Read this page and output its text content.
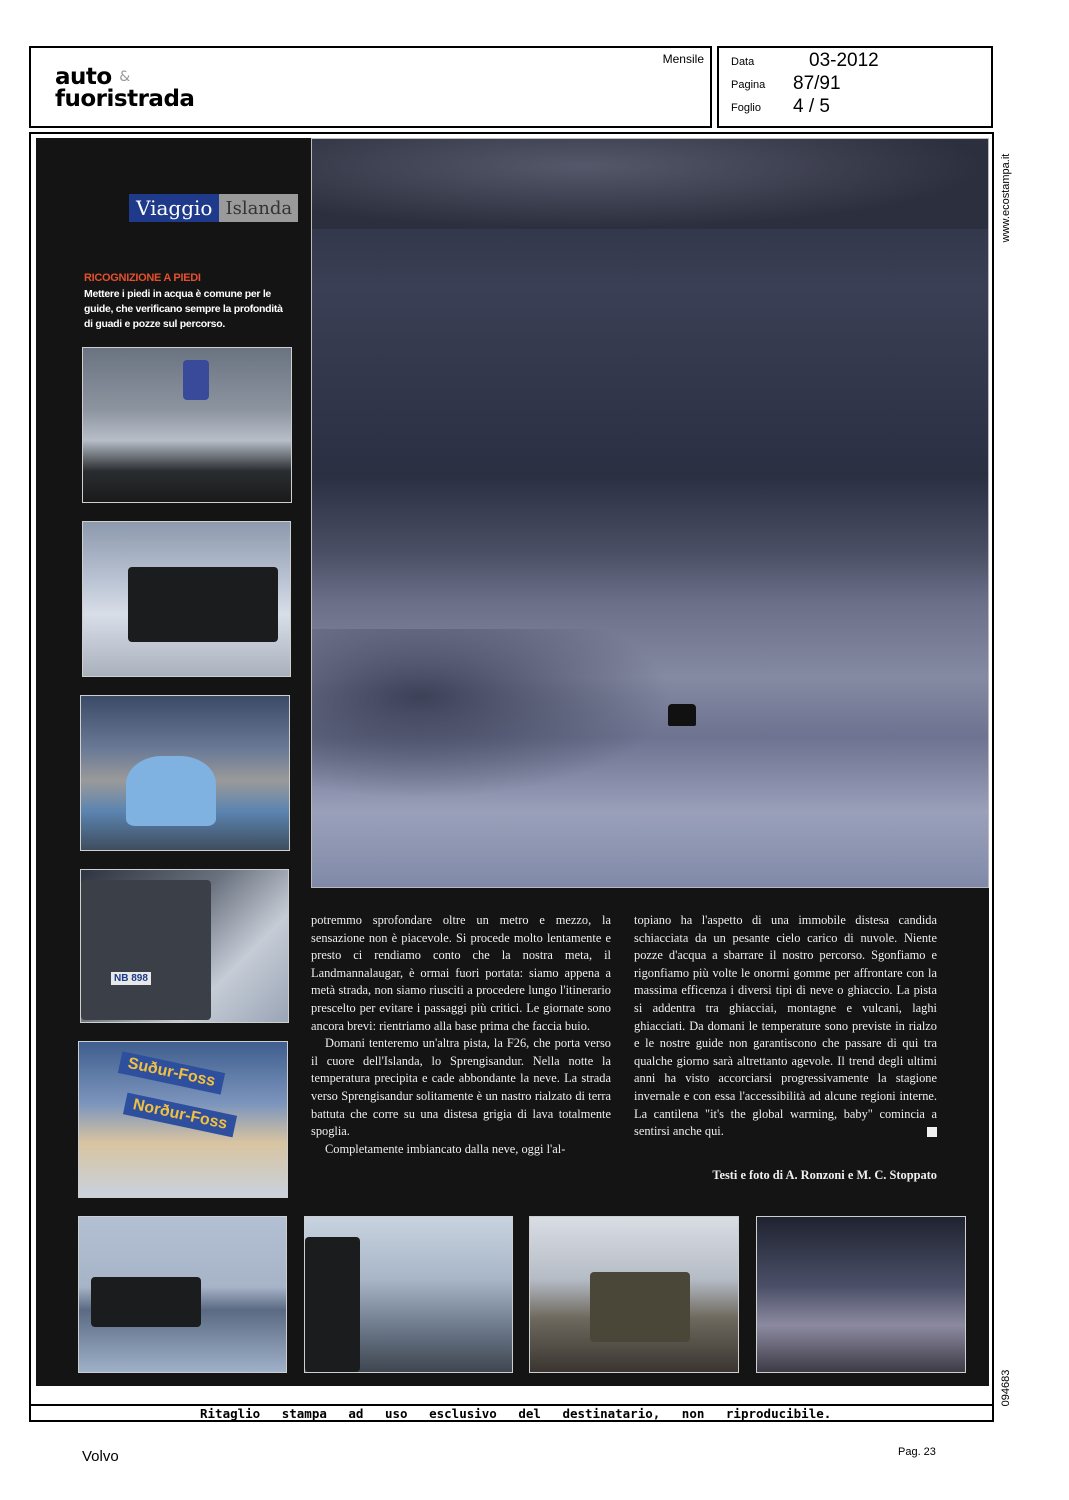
auto &
fuoristrada
Mensile Data	03-2012
Pagina 87/91
Foglio 4 / 5
www.ecostampa.it
094683
Viaggio Islanda
RICOGNIZIONE A PIEDI
Mettere i piedi in acqua è comune per le guide, che verificano sempre la profondità di guadi e pozze sul percorso.
NB 898
Suður-Foss
Norður-Foss

potremmo sprofondare oltre un metro e mezzo, la sensazione non è piacevole. Si procede molto lentamente e presto ci rendiamo conto che la nostra meta, il Landmannalaugar, è ormai fuori portata: siamo appena a metà strada, non siamo riusciti a procedere lungo l'itinerario prescelto per evitare i passaggi più critici. Le giornate sono ancora brevi: rientriamo alla base prima che faccia buio.

Domani tenteremo un'altra pista, la F26, che porta verso il cuore dell'Islanda, lo Sprengisandur. Nella notte la temperatura precipita e cade abbondante la neve. La strada verso Sprengisandur solitamente è un nastro rialzato di terra battuta che corre su una distesa grigia di lava totalmente spoglia.

Completamente imbiancato dalla neve, oggi l'al-

topiano ha l'aspetto di una immobile distesa candida schiacciata da un pesante cielo carico di nuvole. Niente pozze d'acqua a sbarrare il nostro percorso. Sgonfiamo e rigonfiamo più volte le onormi gomme per affrontare con la massima efficenza i diversi tipi di neve o ghiaccio. La pista si addentra tra ghiacciai, montagne e vulcani, laghi ghiacciati. Da domani le temperature sono previste in rialzo e le nostre guide non garantiscono che passare di qui tra qualche giorno sarà altrettanto agevole. Il trend degli ultimi anni ha visto accorciarsi progressivamente la stagione invernale e con essa l'accessibilità ad alcune regioni interne. La cantilena "it's the global warming, baby" comincia a sentirsi anche qui.

Testi e foto di A. Ronzoni e M. C. Stoppato
Ritaglio stampa ad uso esclusivo del destinatario, non riproducibile.
Volvo	Pag. 23
